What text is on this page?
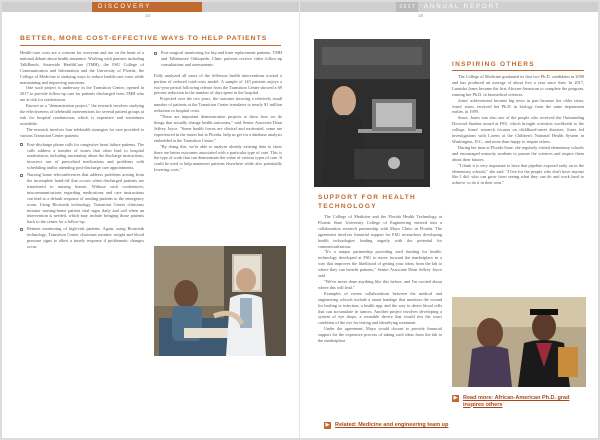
DISCOVERY
18
BETTER, MORE COST-EFFECTIVE WAYS TO HELP PATIENTS

Health-care costs are a concern for everyone and are on the heart of a national debate about health insurance. Working with partners including TalkBench, Statewide HealthCare (TMH), the FSU College of Communication and Information and the University of Florida, the College of Medicine is studying ways to reduce health-care costs while maintaining and improving outcomes.

One such project is underway in the Transition Center, opened in 2017 to provide follow-up care for patients discharged from TMH who are at risk for readmission.

Known as a "demonstration project," the research involves studying the effectiveness of telehealth interventions for several patient groups at risk for hospital readmission, which is expensive and sometimes avoidable.

The research involves four telehealth strategies for care provided to various Transition Center patients:

Post-discharge phone calls for congestive heart failure patients. The calls address a number of issues that often lead to hospital readmission, including uncertainty about the discharge instructions, incorrect use of prescribed medications and problems with scheduling and/or attending post-discharge care appointments.
Nursing home teleconferences that address problems arising from the incomplete hand-off that occurs when discharged patients are transferred to nursing homes. Without such conferences, miscommunications regarding medications and care instructions can lead to a default response of sending patients to the emergency room. Using Biotronik technology, Transition Center clinicians monitor nursing-home patient vital signs daily and call when an intervention is needed, which may include bringing those patients back to the center for a follow-up.
Remote monitoring of high-risk patients. Again, using Biotronik technology, Transition Center clinicians monitor weight and blood pressure signs to allow a timely response if problematic changes occur.
Post-surgical monitoring for hip and knee replacement patients. TMH and Tallahassee Orthopedic Clinic patients receive video follow-up consultations and assessments.

Fully analyzed all users of the Jefferson health interventions toward a portion of reduced total-costs model. A sample of 143 patients enjoys a two-year period following release from the Transition Center showed a 69 percent reduction in the number of days spent in the hospital.

Projected over the two years, the outcome showing a relatively small number of patients at the Transition Center translates to nearly $1 million reduction in hospital costs.

"These are important demonstration projects to show how we do things that actually change health outcomes," said Senior Associate Dean Jeffrey Joyce. "Some health forces are clinical and motivated, some are experienced in the issues but at Florida, help us get for a database analysis embedded at the Transition Center."

"By doing this, we're able to analyze already existing data to show there are better outcomes associated with a particular type of care. This is the type of work that can demonstrate the value of various types of care. It could be used to help maneuver patients elsewhere while also potentially lowering costs."

2 0 1 7	ANNUAL REPORT
19
SUPPORT FOR HEALTH TECHNOLOGY

The College of Medicine and the Florida Health Technology at Florida State University College of Engineering entered into a collaboration research partnership with Mayo Clinic in Florida. The agreement involves financial support for FSU researchers developing health technologies leading eagerly with the potential for commercialization.

"It's a unique partnership providing seed funding for health-technology developed at FSU to move forward the marketplace in a way that improves the likelihood of getting your ideas from the lab to where they can benefit patients," Senior Associate Dean Jeffrey Joyce said.

"We've never done anything like this before, and I'm excited about where this will lead."

Examples of recent collaborations between the medical and engineering schools include a smart bandage that monitors the wound for healing or infection, a health app, and the way to detect blood cells that can accumulate in tumors. Another project involves developing a system of eye drops, a wearable device that would test the exact condition of the eye for testing and identifying treatment.

Under the agreement, Mayo would choose to provide financial support for the expensive process of taking such ideas from the lab to the marketplace.

▶ Related: Medicine and engineering team up
INSPIRING OTHERS

The College of Medicine graduated its first two Ph.D. candidates in 2008 and has produced an average of about five a year since then. In 2017, Lamisha Jones became the first African-American to complete the program, earning her Ph.D. in biomedical sciences.

Jones' achievement became big news in part because her older sister, Jones' sister, received her Ph.D. in biology from the same department earlier, in 1999.

Since, Jones was also one of the people who received the Outstanding Doctoral Student award at FSU, which brought scientists worldwide to the college. Jones' research focuses on childhood-onset diseases, Jones led investigations with Lorem at the Children's National Health System in Washington, D.C., and more than happy to inspire others.

During her time at Florida State, she regularly visited elementary schools and encouraged minority students to pursue the sciences and inspire them about their futures.

"I think it is very important to have that pipeline exposed early on in the elementary schools," she said. "I live for the people who don't have anyone like I did, who can grow from seeing what they can do and work hard to achieve, to do it in their own."

▶ Read more: African-American Ph.D. grad inspires others
